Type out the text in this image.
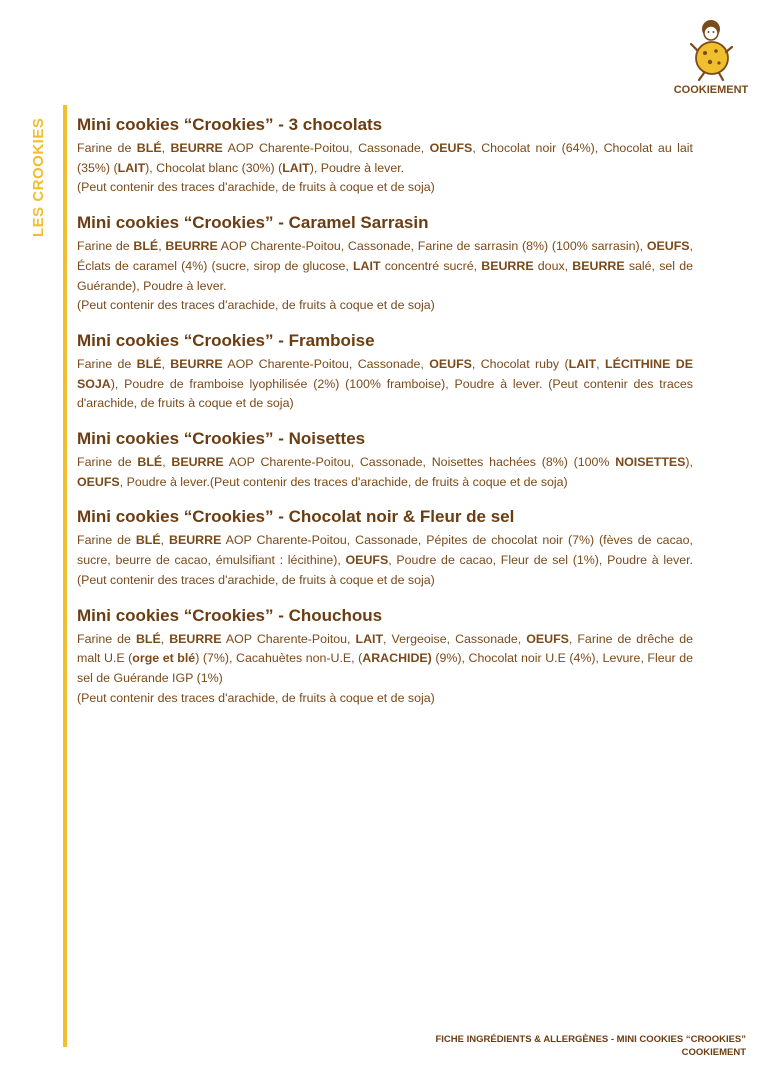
LES CROOKIES
COOKIEMENT
Mini cookies “Crookies” - 3 chocolats

Farine de BLÉ, BEURRE AOP Charente-Poitou, Cassonade, OEUFS, Chocolat noir (64%), Chocolat au lait (35%) (LAIT), Chocolat blanc (30%) (LAIT), Poudre à lever.
(Peut contenir des traces d'arachide, de fruits à coque et de soja)

Mini cookies “Crookies” - Caramel Sarrasin

Farine de BLÉ, BEURRE AOP Charente-Poitou, Cassonade, Farine de sarrasin (8%) (100% sarrasin), OEUFS, Éclats de caramel (4%) (sucre, sirop de glucose, LAIT concentré sucré, BEURRE doux, BEURRE salé, sel de Guérande), Poudre à lever.
(Peut contenir des traces d'arachide, de fruits à coque et de soja)

Mini cookies “Crookies” - Framboise

Farine de BLÉ, BEURRE AOP Charente-Poitou, Cassonade, OEUFS, Chocolat ruby (LAIT, LÉCITHINE DE SOJA), Poudre de framboise lyophilisée (2%) (100% framboise), Poudre à lever. (Peut contenir des traces d'arachide, de fruits à coque et de soja)

Mini cookies “Crookies” - Noisettes

Farine de BLÉ, BEURRE AOP Charente-Poitou, Cassonade, Noisettes hachées (8%) (100% NOISETTES), OEUFS, Poudre à lever.(Peut contenir des traces d'arachide, de fruits à coque et de soja)

Mini cookies “Crookies” - Chocolat noir & Fleur de sel

Farine de BLÉ, BEURRE AOP Charente-Poitou, Cassonade, Pépites de chocolat noir (7%) (fèves de cacao, sucre, beurre de cacao, émulsifiant : lécithine), OEUFS, Poudre de cacao, Fleur de sel (1%), Poudre à lever. (Peut contenir des traces d'arachide, de fruits à coque et de soja)

Mini cookies “Crookies” - Chouchous

Farine de BLÉ, BEURRE AOP Charente-Poitou, LAIT, Vergeoise, Cassonade, OEUFS, Farine de drêche de malt U.E (orge et blé) (7%), Cacahuètes non-U.E, (ARACHIDE) (9%), Chocolat noir U.E (4%), Levure, Fleur de sel de Guérande IGP (1%)
(Peut contenir des traces d'arachide, de fruits à coque et de soja)

FICHE INGRÉDIENTS & ALLERGÈNES - MINI COOKIES “CROOKIES”
COOKIEMENT
